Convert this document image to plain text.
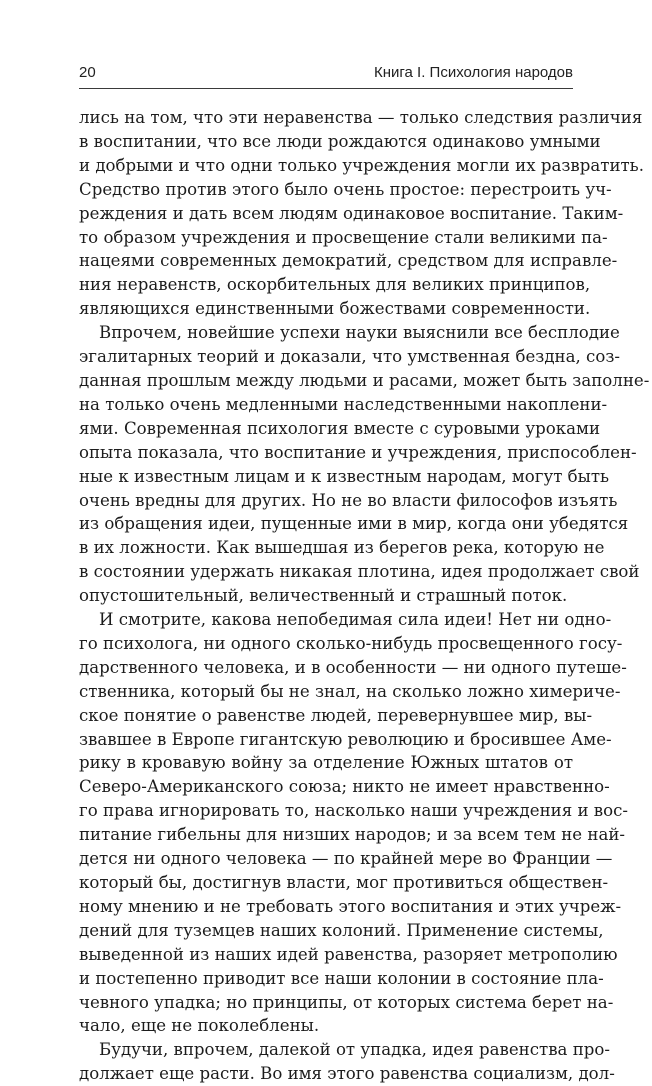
20	Книга I. Психология народов
лись на том, что эти неравенства — только следствия различия
в воспитании, что все люди рождаются одинаково умными
и добрыми и что одни только учреждения могли их развратить.
Средство против этого было очень простое: перестроить уч-
реждения и дать всем людям одинаковое воспитание. Таким-
то образом учреждения и просвещение стали великими па-
нацеями современных демократий, средством для исправле-
ния неравенств, оскорбительных для великих принципов,
являющихся единственными божествами современности.
Впрочем, новейшие успехи науки выяснили все бесплодие
эгалитарных теорий и доказали, что умственная бездна, соз-
данная прошлым между людьми и расами, может быть заполне-
на только очень медленными наследственными накоплени-
ями. Современная психология вместе с суровыми уроками
опыта показала, что воспитание и учреждения, приспособлен-
ные к известным лицам и к известным народам, могут быть
очень вредны для других. Но не во власти философов изъять
из обращения идеи, пущенные ими в мир, когда они убедятся
в их ложности. Как вышедшая из берегов река, которую не
в состоянии удержать никакая плотина, идея продолжает свой
опустошительный, величественный и страшный поток.
И смотрите, какова непобедимая сила идеи! Нет ни одно-
го психолога, ни одного сколько-нибудь просвещенного госу-
дарственного человека, и в особенности — ни одного путеше-
ственника, который бы не знал, на сколько ложно химериче-
ское понятие о равенстве людей, перевернувшее мир, вы-
звавшее в Европе гигантскую революцию и бросившее Аме-
рику в кровавую войну за отделение Южных штатов от
Северо-Американского союза; никто не имеет нравственно-
го права игнорировать то, насколько наши учреждения и вос-
питание гибельны для низших народов; и за всем тем не най-
дется ни одного человека — по крайней мере во Франции —
который бы, достигнув власти, мог противиться обществен-
ному мнению и не требовать этого воспитания и этих учреж-
дений для туземцев наших колоний. Применение системы,
выведенной из наших идей равенства, разоряет метрополию
и постепенно приводит все наши колонии в состояние пла-
чевного упадка; но принципы, от которых система берет на-
чало, еще не поколеблены.
Будучи, впрочем, далекой от упадка, идея равенства про-
должает еще расти. Во имя этого равенства социализм, дол-
